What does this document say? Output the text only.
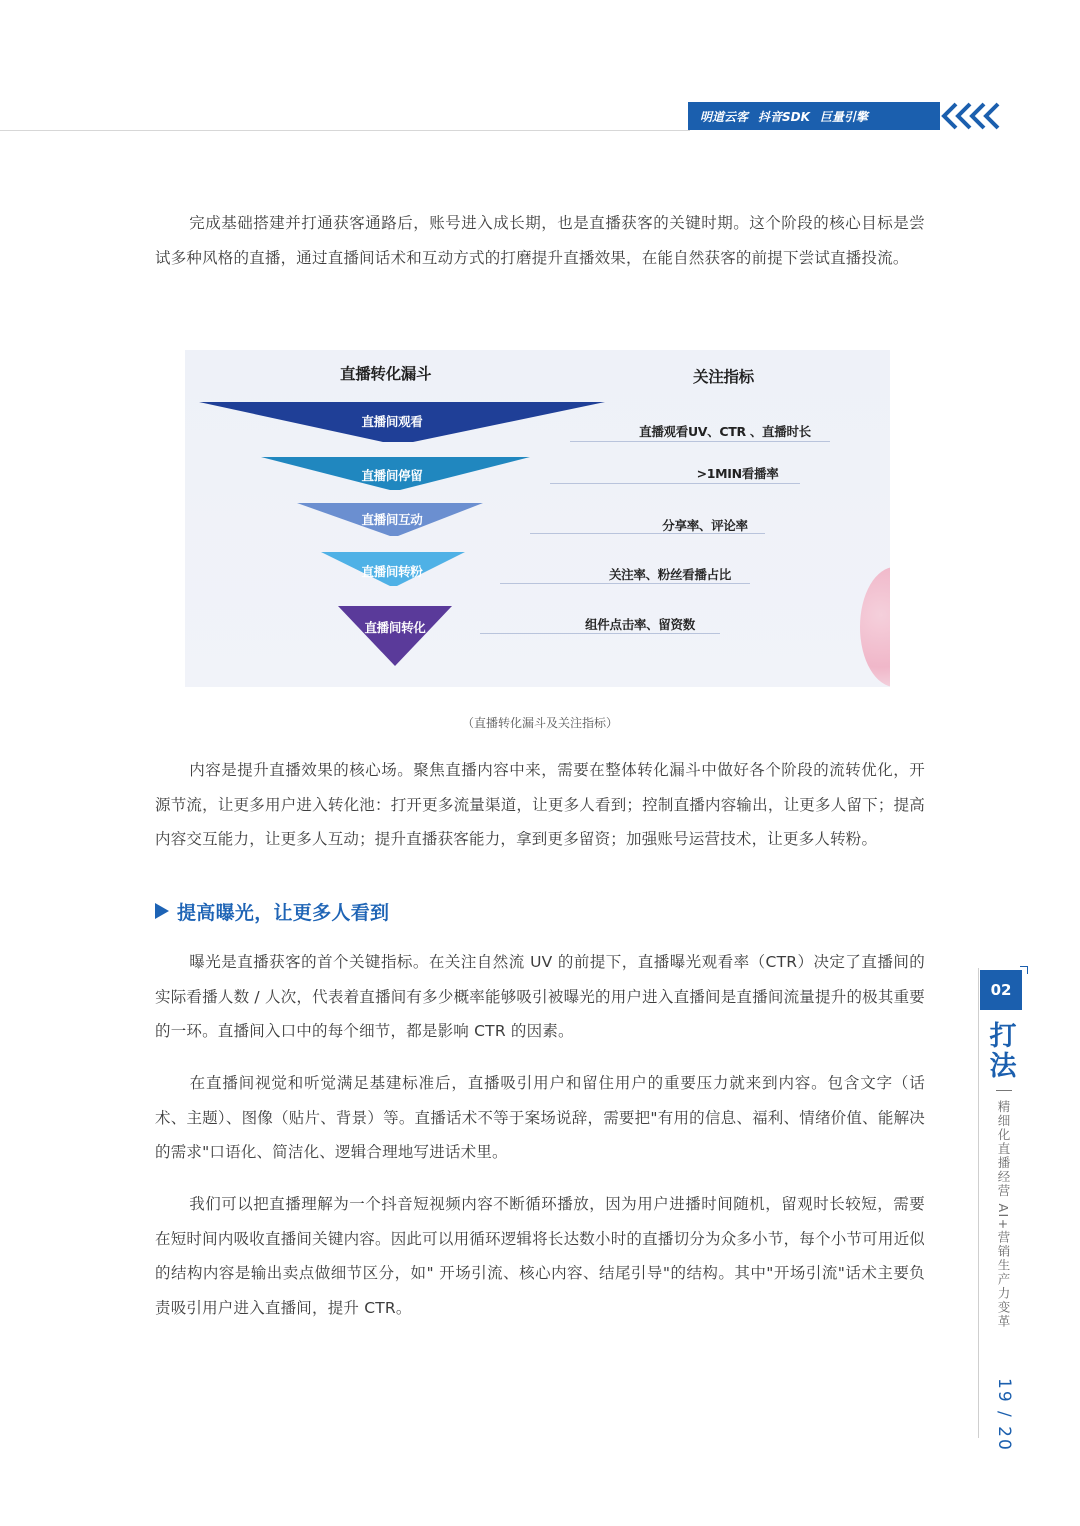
明道云客 抖音SDK 巨量引擎

完成基础搭建并打通获客通路后，账号进入成长期，也是直播获客的关键时期。这个阶段的核心目标是尝试多种风格的直播，通过直播间话术和互动方式的打磨提升直播效果，在能自然获客的前提下尝试直播投流。

直播转化漏斗	关注指标
直播间观看
直播间停留
直播间互动
直播间转粉
直播间转化
直播观看UV、CTR 、直播时长
>1MIN看播率
分享率、评论率
关注率、粉丝看播占比
组件点击率、留资数
（直播转化漏斗及关注指标）

内容是提升直播效果的核心场。聚焦直播内容中来，需要在整体转化漏斗中做好各个阶段的流转优化，开源节流，让更多用户进入转化池：打开更多流量渠道，让更多人看到；控制直播内容输出，让更多人留下；提高内容交互能力，让更多人互动；提升直播获客能力，拿到更多留资；加强账号运营技术，让更多人转粉。

提高曝光，让更多人看到

曝光是直播获客的首个关键指标。在关注自然流 UV 的前提下，直播曝光观看率（CTR）决定了直播间的实际看播人数 / 人次，代表着直播间有多少概率能够吸引被曝光的用户进入直播间是直播间流量提升的极其重要的一环。直播间入口中的每个细节，都是影响 CTR 的因素。

在直播间视觉和听觉满足基建标准后，直播吸引用户和留住用户的重要压力就来到内容。包含文字（话术、主题）、图像（贴片、背景）等。直播话术不等于案场说辞，需要把"有用的信息、福利、情绪价值、能解决的需求"口语化、简洁化、逻辑合理地写进话术里。

我们可以把直播理解为一个抖音短视频内容不断循环播放，因为用户进播时间随机，留观时长较短，需要在短时间内吸收直播间关键内容。因此可以用循环逻辑将长达数小时的直播切分为众多小节，每个小节可用近似的结构内容是输出卖点做细节区分，如" 开场引流、核心内容、结尾引导"的结构。其中"开场引流"话术主要负责吸引用户进入直播间，提升 CTR。

02
打法
精细化直播经营 AI+营销生产力变革
19 / 20
